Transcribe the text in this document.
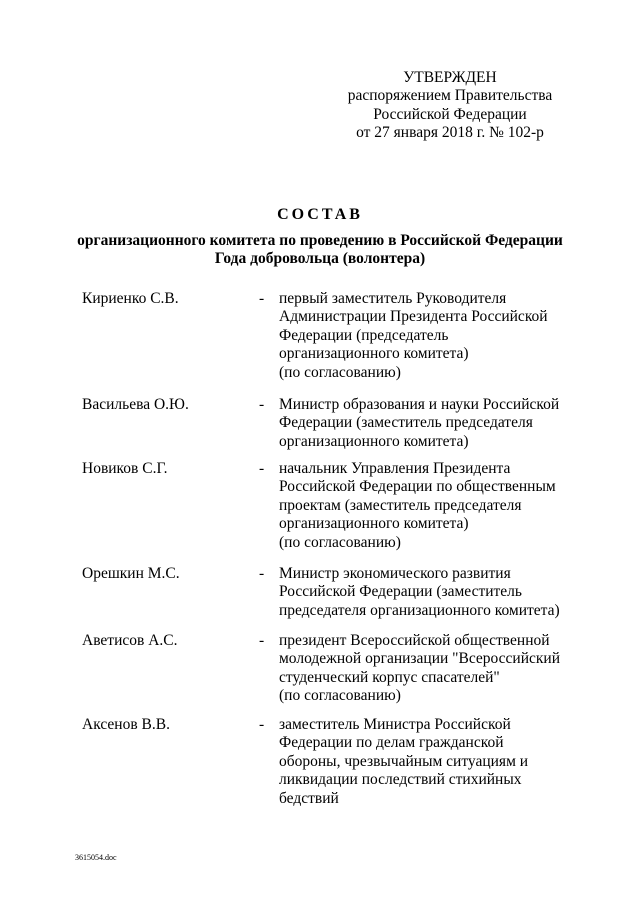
УТВЕРЖДЕН
распоряжением Правительства
Российской Федерации
от 27 января 2018 г. № 102-р
СОСТАВ
организационного комитета по проведению в Российской Федерации
Года добровольца (волонтера)
Кириенко С.В.	- первый заместитель Руководителя
Администрации Президента Российской
Федерации (председатель
организационного комитета)
(по согласованию)
Васильева О.Ю.	- Министр образования и науки Российской
Федерации (заместитель председателя
организационного комитета)
Новиков С.Г.	- начальник Управления Президента
Российской Федерации по общественным
проектам (заместитель председателя
организационного комитета)
(по согласованию)
Орешкин М.С.	- Министр экономического развития
Российской Федерации (заместитель
председателя организационного комитета)
Аветисов А.С.	- президент Всероссийской общественной
молодежной организации "Всероссийский
студенческий корпус спасателей"
(по согласованию)
Аксенов В.В.	- заместитель Министра Российской
Федерации по делам гражданской
обороны, чрезвычайным ситуациям и
ликвидации последствий стихийных
бедствий
3615054.doc
